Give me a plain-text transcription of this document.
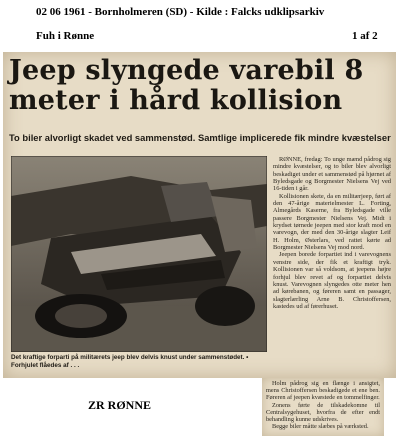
02 06 1961 - Bornholmeren (SD) - Kilde : Falcks udklipsarkiv
Fuh i Rønne	1 af 2
Jeep slyngede varebil 8 meter i hård kollision
To biler alvorligt skadet ved sammenstød. Samtlige implicerede fik mindre kvæstelser
Det kraftige forparti på militærets jeep blev delvis knust under sammenstødet. • Forhjulet flåedes af . . .

RØNNE, fredag: To unge mænd pådrog sig mindre kvæstelser, og to biler blev alvorligt beskadiget under et sammenstød på hjørnet af Byledsgade og Borgmester Nielsens Vej ved 16-tiden i går.

Kollisionen skete, da en militærjeep, ført af den 47-årige materielmester L. Forting, Almegårds Kaserne, fra Byledsgade ville passere Borgmester Nielsens Vej. Midt i krydset tørnede jeepen med stor kraft mod en varevogn, der med den 30-årige slagter Leif H. Holm, Østerlars, ved rattet kørte ad Borgmester Nielsens Vej mod nord.

Jeepen borede forpartiet ind i varevognens venstre side, der fik et kraftigt tryk. Kollisionen var så voldsom, at jeepens højre forhjul blev revet af og forpartiet delvis knust. Varevognen slyngedes otte meter hen ad kørebanen, og føreren samt en passager, slagterlærling Arne B. Christoffersen, kastedes ud af førerhuset.

Holm pådrog sig en flænge i ansigtet, mens Christoffersen beskadigede et ene ben. Føreren af jeepen kvæstede en tommelfinger.

Zonens førte de tilskadekomne til Centralsygehuset, hvorfra de efter endt behandling kunne udskrives.

Begge biler måtte slæbes på værksted.

ZR RØNNE
